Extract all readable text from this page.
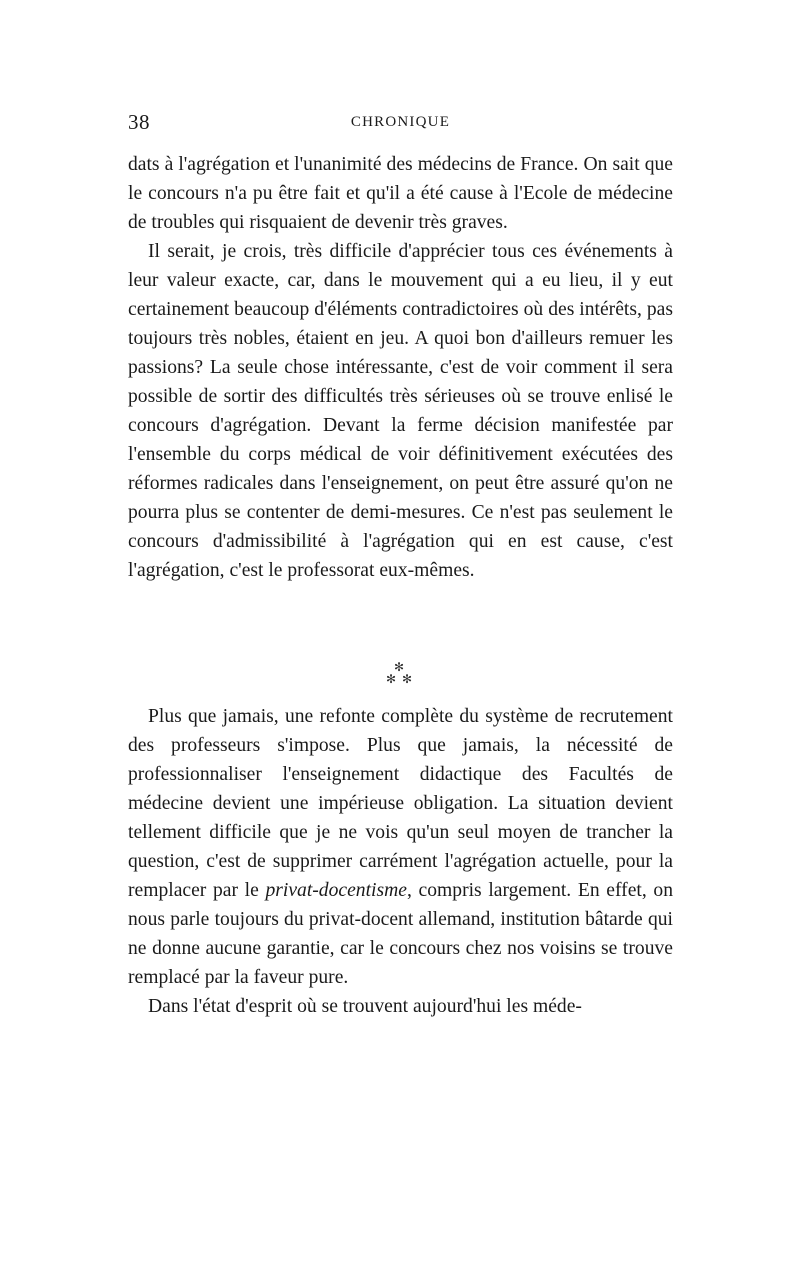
38	CHRONIQUE

dats à l'agrégation et l'unanimité des médecins de France. On sait que le concours n'a pu être fait et qu'il a été cause à l'Ecole de médecine de troubles qui risquaient de devenir très graves.

Il serait, je crois, très difficile d'apprécier tous ces événements à leur valeur exacte, car, dans le mouvement qui a eu lieu, il y eut certainement beaucoup d'éléments contradictoires où des intérêts, pas toujours très nobles, étaient en jeu. A quoi bon d'ailleurs remuer les passions? La seule chose intéressante, c'est de voir comment il sera possible de sortir des difficultés très sérieuses où se trouve enlisé le concours d'agrégation. Devant la ferme décision manifestée par l'ensemble du corps médical de voir définitivement exécutées des réformes radicales dans l'enseignement, on peut être assuré qu'on ne pourra plus se contenter de demi-mesures. Ce n'est pas seulement le concours d'admissibilité à l'agrégation qui en est cause, c'est l'agrégation, c'est le professorat eux-mêmes.

✻
✻ ✻

Plus que jamais, une refonte complète du système de recrutement des professeurs s'impose. Plus que jamais, la nécessité de professionnaliser l'enseignement didactique des Facultés de médecine devient une impérieuse obligation. La situation devient tellement difficile que je ne vois qu'un seul moyen de trancher la question, c'est de supprimer carrément l'agrégation actuelle, pour la remplacer par le privat-docentisme, compris largement. En effet, on nous parle toujours du privat-docent allemand, institution bâtarde qui ne donne aucune garantie, car le concours chez nos voisins se trouve remplacé par la faveur pure.

Dans l'état d'esprit où se trouvent aujourd'hui les méde-
